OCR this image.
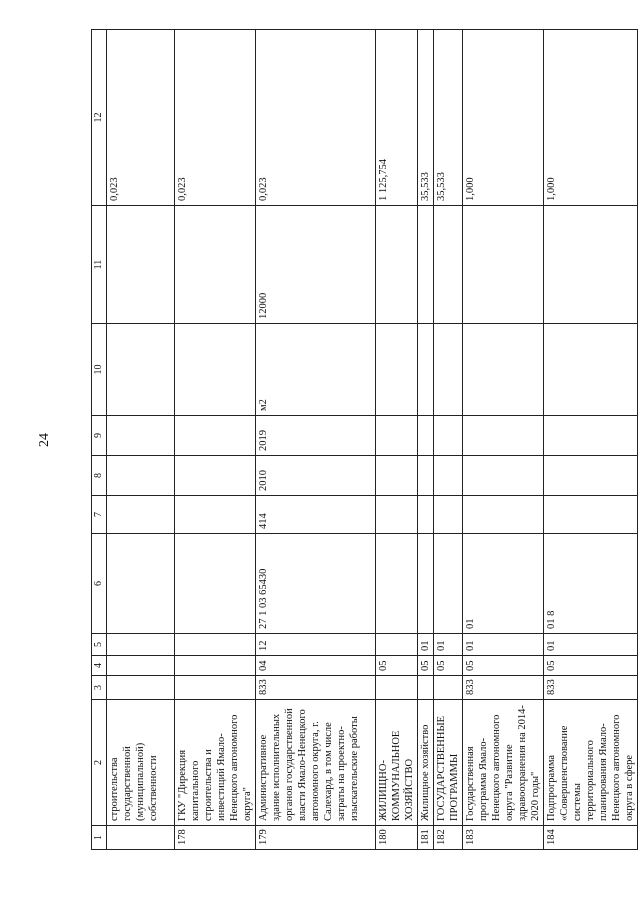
24
1	2	3	4	5	6	7	8	9	10	11	12
	строительства государственной (муниципальной) собственности										0,023
178	ГКУ "Дирекция капитального строительства и инвестиций Ямало-Ненецкого автономного округа"										0,023
179	Административное здание исполнительных органов государственной власти Ямало-Ненецкого автономного округа, г. Салехард, в том числе затраты на проектно-изыскательские работы	833	04	12	27 1 03 65430	414	2010	2019	м2	12000	0,023
180	ЖИЛИЩНО-КОММУНАЛЬНОЕ ХОЗЯЙСТВО		05								1 125,754
181	Жилищное хозяйство		05	01							35,533
182	ГОСУДАРСТВЕННЫЕ ПРОГРАММЫ		05	01							35,533
183	Государственная программа Ямало-Ненецкого автономного округа "Развитие здравоохранения на 2014-2020 годы"	833	05	01	01						1,000
184	Подпрограмма «Совершенствование системы территориального планирования Ямало-Ненецкого автономного округа в сфере	833	05	01	01 8						1,000
